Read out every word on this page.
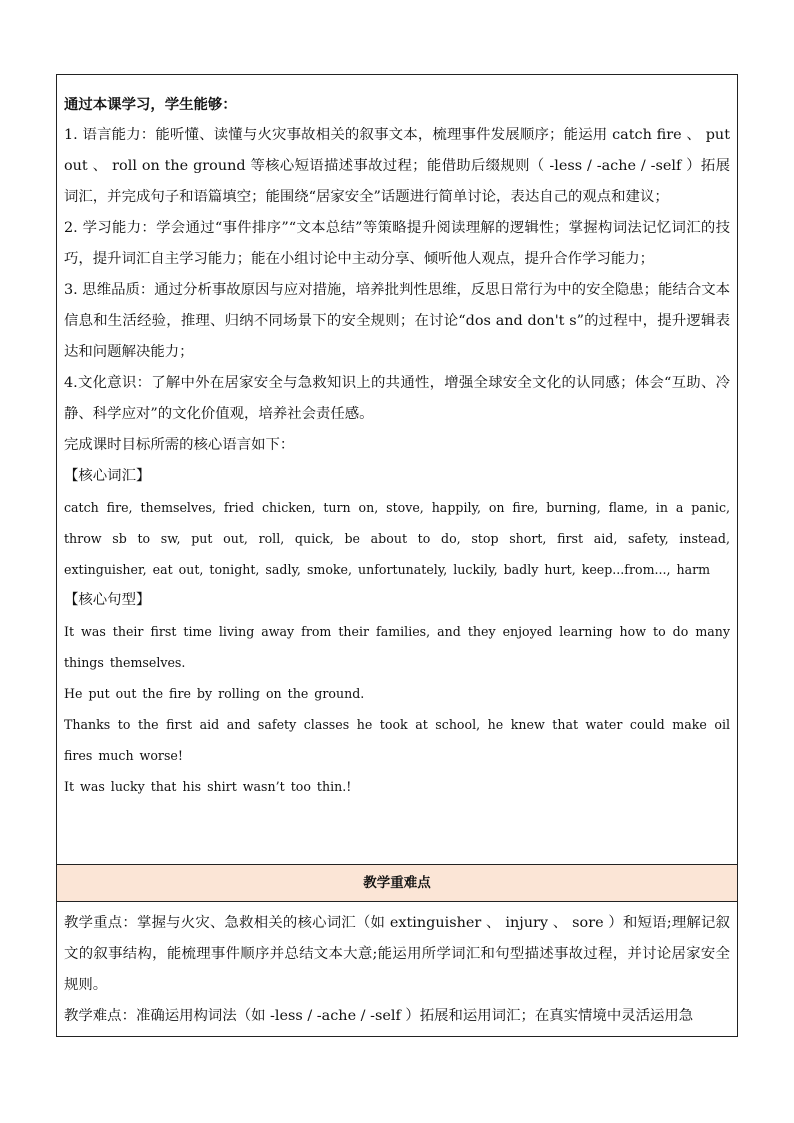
通过本课学习，学生能够：

1. 语言能力：能听懂、读懂与火灾事故相关的叙事文本，梳理事件发展顺序；能运用 catch fire 、 put out 、 roll on the ground 等核心短语描述事故过程；能借助后缀规则（ -less / -ache / -self ）拓展词汇，并完成句子和语篇填空；能围绕“居家安全”话题进行简单讨论，表达自己的观点和建议；

2. 学习能力：学会通过“事件排序”“文本总结”等策略提升阅读理解的逻辑性；掌握构词法记忆词汇的技巧，提升词汇自主学习能力；能在小组讨论中主动分享、倾听他人观点，提升合作学习能力；

3. 思维品质：通过分析事故原因与应对措施，培养批判性思维，反思日常行为中的安全隐患；能结合文本信息和生活经验，推理、归纳不同场景下的安全规则；在讨论“dos and don't s”的过程中，提升逻辑表达和问题解决能力；

4.文化意识：了解中外在居家安全与急救知识上的共通性，增强全球安全文化的认同感；体会“互助、冷静、科学应对”的文化价值观，培养社会责任感。

完成课时目标所需的核心语言如下：

【核心词汇】

catch fire, themselves, fried chicken, turn on, stove, happily, on fire, burning, flame, in a panic, throw sb to sw, put out, roll, quick, be about to do, stop short, first aid, safety, instead, extinguisher, eat out, tonight, sadly, smoke, unfortunately, luckily, badly hurt, keep...from..., harm

【核心句型】

It was their first time living away from their families, and they enjoyed learning how to do many things themselves.

He put out the fire by rolling on the ground.

Thanks to the first aid and safety classes he took at school, he knew that water could make oil fires much worse!

It was lucky that his shirt wasn’t too thin.!

教学重难点

教学重点：掌握与火灾、急救相关的核心词汇（如 extinguisher 、 injury 、 sore ）和短语;理解记叙文的叙事结构，能梳理事件顺序并总结文本大意;能运用所学词汇和句型描述事故过程，并讨论居家安全规则。

教学难点：准确运用构词法（如 -less / -ache / -self ）拓展和运用词汇；在真实情境中灵活运用急
